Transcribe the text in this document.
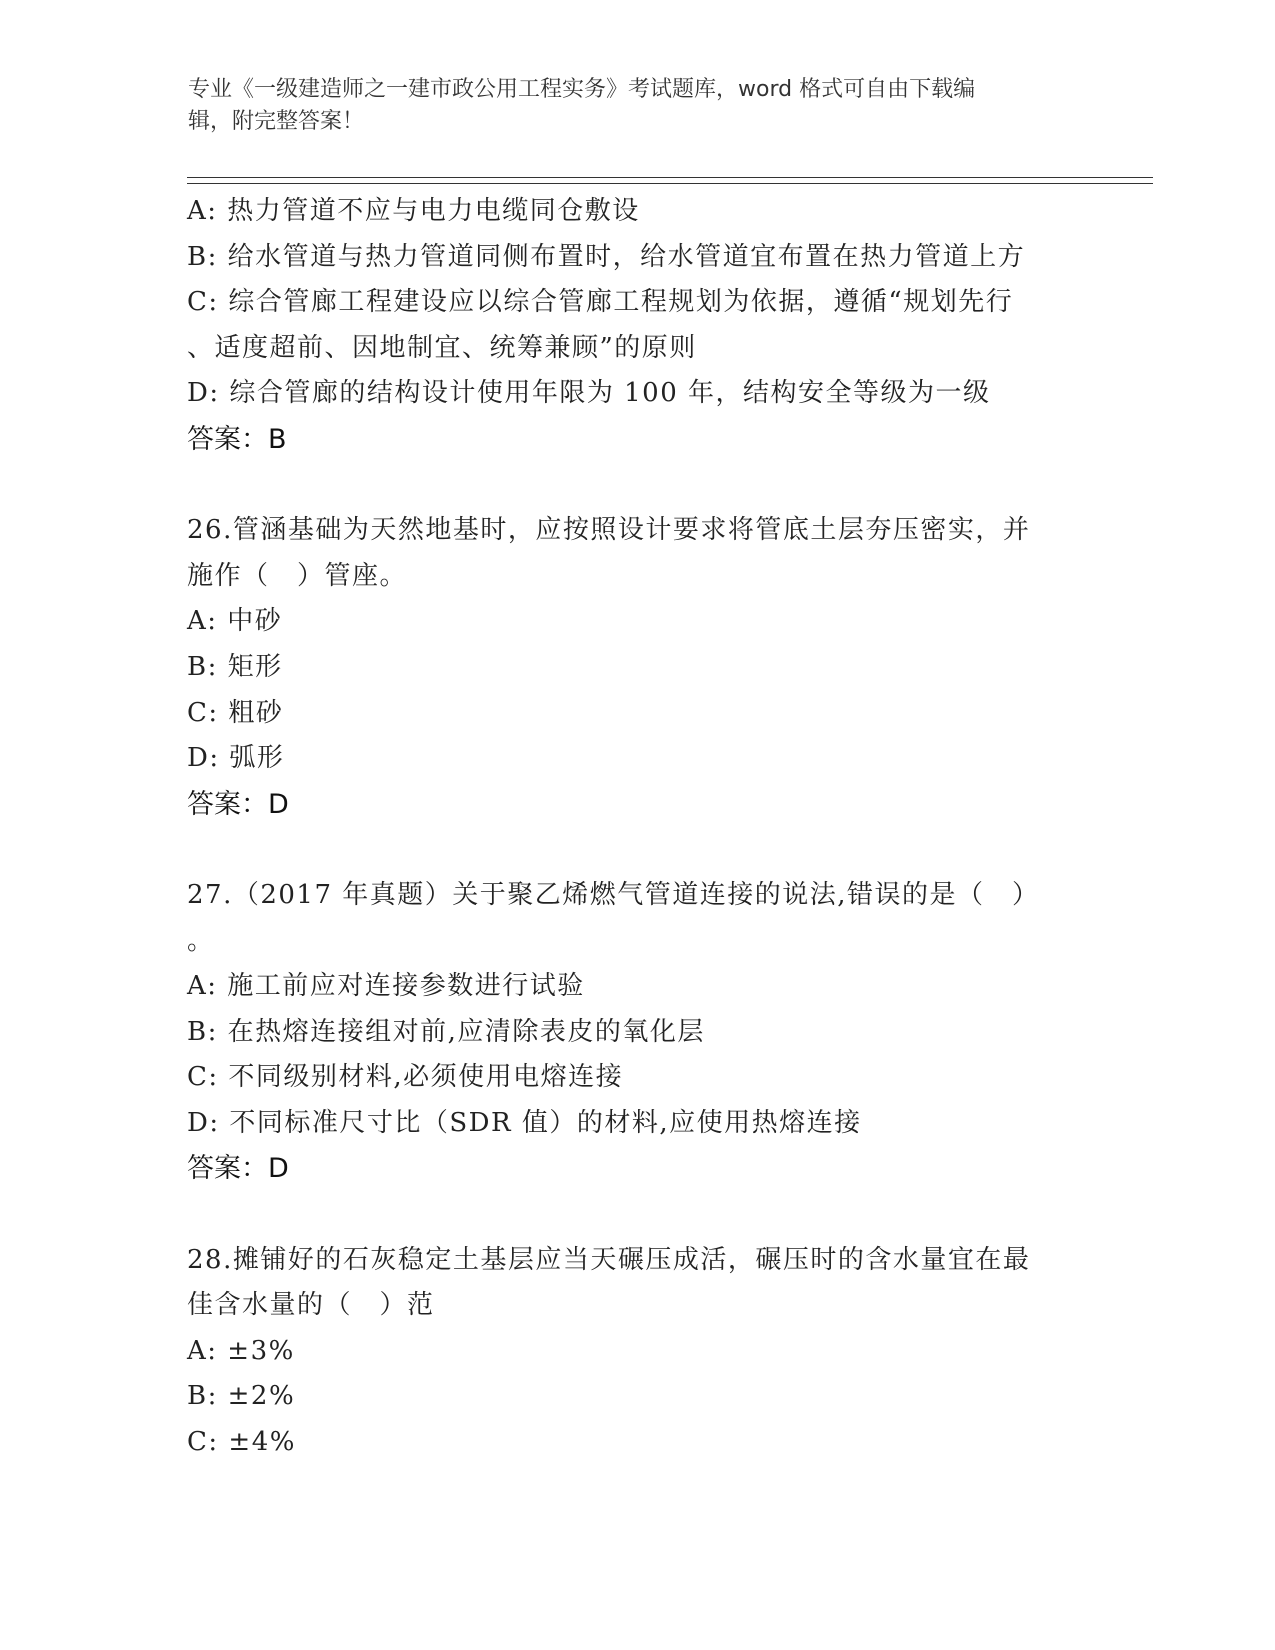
专业《一级建造师之一建市政公用工程实务》考试题库，word 格式可自由下载编
辑，附完整答案！
A: 热力管道不应与电力电缆同仓敷设
B: 给水管道与热力管道同侧布置时，给水管道宜布置在热力管道上方
C: 综合管廊工程建设应以综合管廊工程规划为依据，遵循“规划先行
、适度超前、因地制宜、统筹兼顾”的原则
D: 综合管廊的结构设计使用年限为 100 年，结构安全等级为一级
答案：B
26.管涵基础为天然地基时，应按照设计要求将管底土层夯压密实，并
施作（　）管座。
A: 中砂
B: 矩形
C: 粗砂
D: 弧形
答案：D
27.（2017 年真题）关于聚乙烯燃气管道连接的说法,错误的是（　）
。
A: 施工前应对连接参数进行试验
B: 在热熔连接组对前,应清除表皮的氧化层
C: 不同级别材料,必须使用电熔连接
D: 不同标准尺寸比（SDR 值）的材料,应使用热熔连接
答案：D
28.摊铺好的石灰稳定土基层应当天碾压成活，碾压时的含水量宜在最
佳含水量的（　）范
A: ±3%
B: ±2%
C: ±4%
